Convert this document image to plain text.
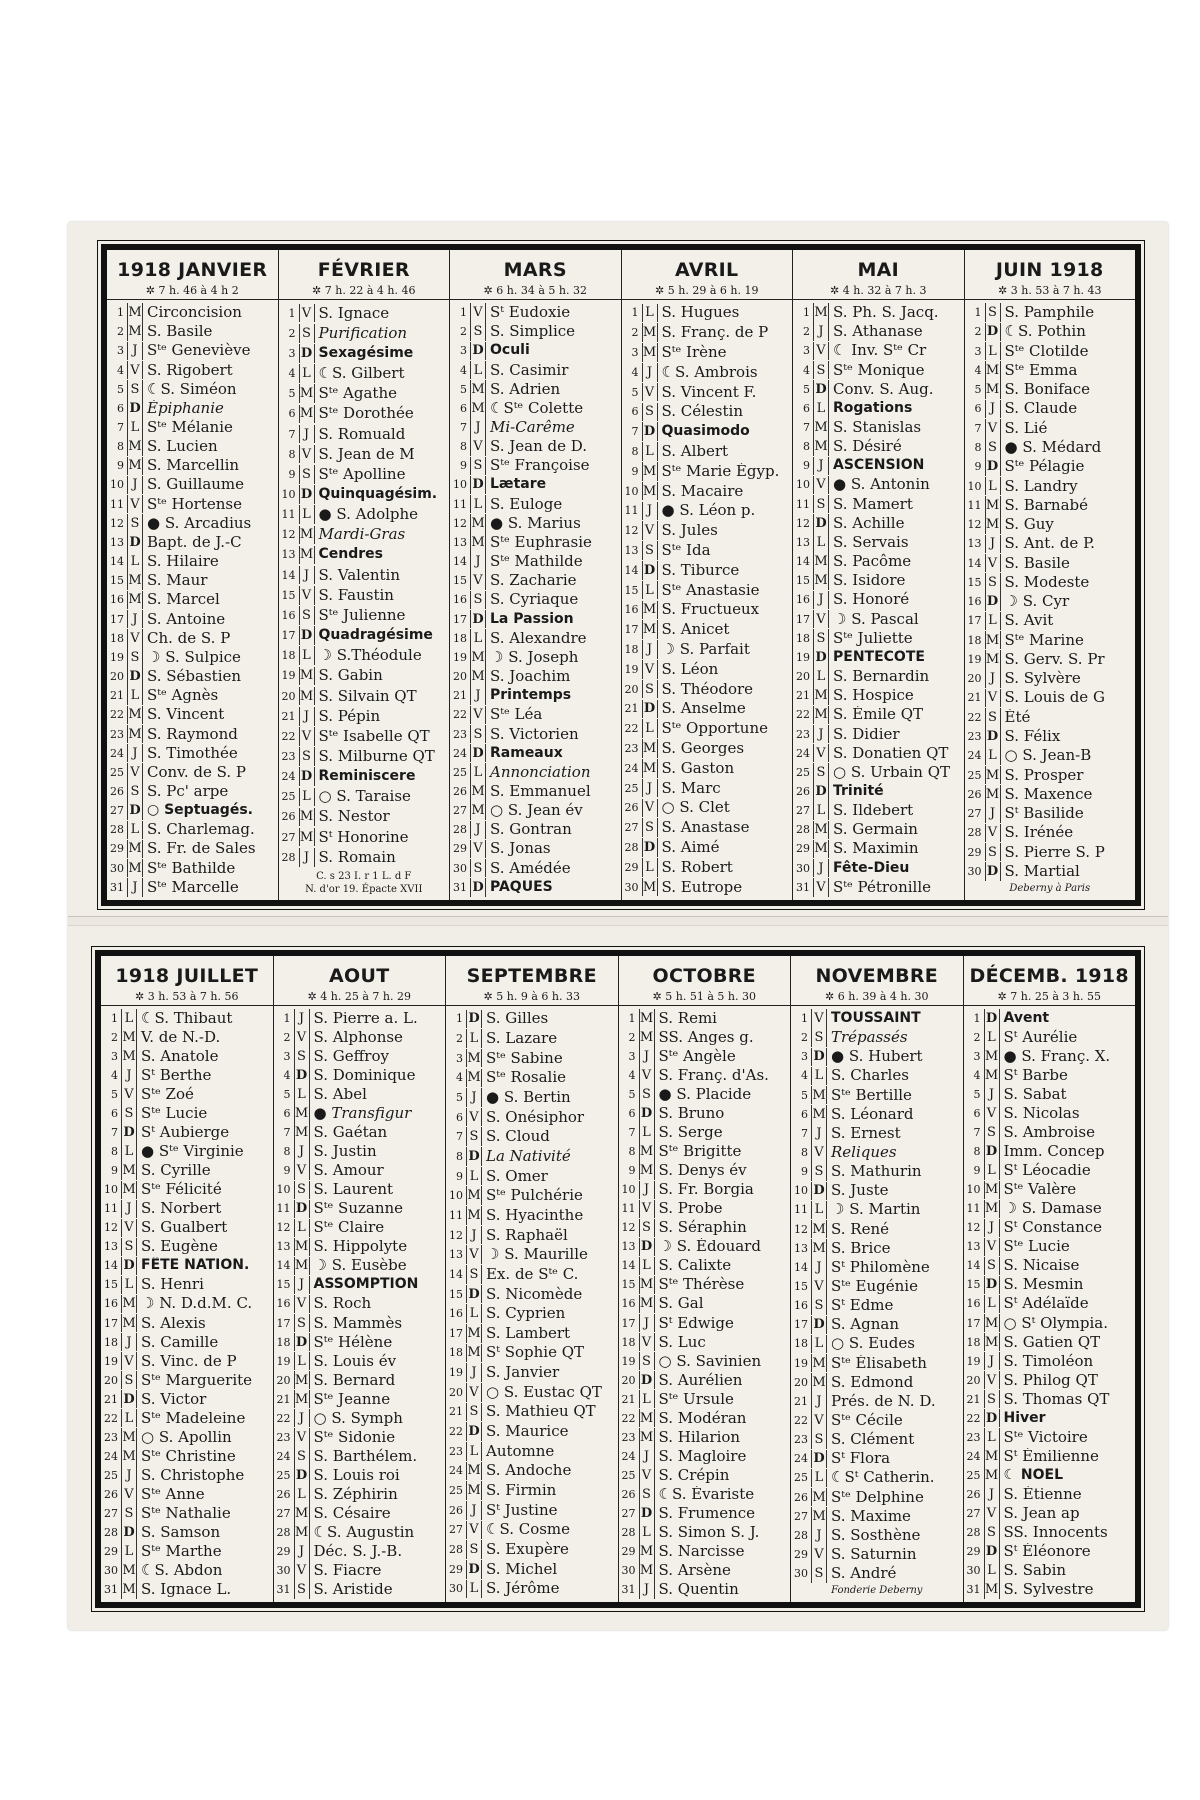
1918 JANVIER
✲ 7 h. 46 à 4 h 2
1 M Circoncision
2 M S. Basile
3 J Sᵗᵉ Geneviève
4 V S. Rigobert
5 S ☾S. Siméon
6 D Épiphanie
7 L Sᵗᵉ Mélanie
8 M S. Lucien
9 M S. Marcellin
10 J S. Guillaume
11 V Sᵗᵉ Hortense
12 S ● S. Arcadius
13 D Bapt. de J.-C
14 L S. Hilaire
15 M S. Maur
16 M S. Marcel
17 J S. Antoine
18 V Ch. de S. P
19 S ☽ S. Sulpice
20 D S. Sébastien
21 L Sᵗᵉ Agnès
22 M S. Vincent
23 M S. Raymond
24 J S. Timothée
25 V Conv. de S. P
26 S S. Pc' arpe
27 D ○ Septuagés.
28 L S. Charlemag.
29 M S. Fr. de Sales
30 M Sᵗᵉ Bathilde
31 J Sᵗᵉ Marcelle
FÉVRIER
✲ 7 h. 22 à 4 h. 46
1 V S. Ignace
2 S Purification
3 D Sexagésime
4 L ☾S. Gilbert
5 M Sᵗᵉ Agathe
6 M Sᵗᵉ Dorothée
7 J S. Romuald
8 V S. Jean de M
9 S Sᵗᵉ Apolline
10 D Quinquagésim.
11 L ● S. Adolphe
12 M Mardi-Gras
13 M Cendres
14 J S. Valentin
15 V S. Faustin
16 S Sᵗᵉ Julienne
17 D Quadragésime
18 L ☽ S.Théodule
19 M S. Gabin
20 M S. Silvain QT
21 J S. Pépin
22 V Sᵗᵉ Isabelle QT
23 S S. Milburne QT
24 D Reminiscere
25 L ○ S. Taraise
26 M S. Nestor
27 M Sᵗ Honorine
28 J S. Romain
C. s 23 I. r 1 L. d F
N. d'or 19. Épacte XVII
MARS
✲ 6 h. 34 à 5 h. 32
1 V Sᵗ Eudoxie
2 S S. Simplice
3 D Oculi
4 L S. Casimir
5 M S. Adrien
6 M ☾Sᵗᵉ Colette
7 J Mi-Carême
8 V S. Jean de D.
9 S Sᵗᵉ Françoise
10 D Lætare
11 L S. Euloge
12 M ● S. Marius
13 M Sᵗᵉ Euphrasie
14 J Sᵗᵉ Mathilde
15 V S. Zacharie
16 S S. Cyriaque
17 D La Passion
18 L S. Alexandre
19 M ☽ S. Joseph
20 M S. Joachim
21 J Printemps
22 V Sᵗᵉ Léa
23 S S. Victorien
24 D Rameaux
25 L Annonciation
26 M S. Emmanuel
27 M ○ S. Jean év
28 J S. Gontran
29 V S. Jonas
30 S S. Amédée
31 D PAQUES
AVRIL
✲ 5 h. 29 à 6 h. 19
1 L S. Hugues
2 M S. Franç. de P
3 M Sᵗᵉ Irène
4 J ☾S. Ambrois
5 V S. Vincent F.
6 S S. Célestin
7 D Quasimodo
8 L S. Albert
9 M Sᵗᵉ Marie Égyp.
10 M S. Macaire
11 J ● S. Léon p.
12 V S. Jules
13 S Sᵗᵉ Ida
14 D S. Tiburce
15 L Sᵗᵉ Anastasie
16 M S. Fructueux
17 M S. Anicet
18 J ☽ S. Parfait
19 V S. Léon
20 S S. Théodore
21 D S. Anselme
22 L Sᵗᵉ Opportune
23 M S. Georges
24 M S. Gaston
25 J S. Marc
26 V ○ S. Clet
27 S S. Anastase
28 D S. Aimé
29 L S. Robert
30 M S. Eutrope
MAI
✲ 4 h. 32 à 7 h. 3
1 M S. Ph. S. Jacq.
2 J S. Athanase
3 V ☾ Inv. Sᵗᵉ Cr
4 S Sᵗᵉ Monique
5 D Conv. S. Aug.
6 L Rogations
7 M S. Stanislas
8 M S. Désiré
9 J ASCENSION
10 V ● S. Antonin
11 S S. Mamert
12 D S. Achille
13 L S. Servais
14 M S. Pacôme
15 M S. Isidore
16 J S. Honoré
17 V ☽ S. Pascal
18 S Sᵗᵉ Juliette
19 D PENTECOTE
20 L S. Bernardin
21 M S. Hospice
22 M S. Émile QT
23 J S. Didier
24 V S. Donatien QT
25 S ○ S. Urbain QT
26 D Trinité
27 L S. Ildebert
28 M S. Germain
29 M S. Maximin
30 J Fête-Dieu
31 V Sᵗᵉ Pétronille
JUIN 1918
✲ 3 h. 53 à 7 h. 43
1 S S. Pamphile
2 D ☾S. Pothin
3 L Sᵗᵉ Clotilde
4 M Sᵗᵉ Emma
5 M S. Boniface
6 J S. Claude
7 V S. Lié
8 S ● S. Médard
9 D Sᵗᵉ Pélagie
10 L S. Landry
11 M S. Barnabé
12 M S. Guy
13 J S. Ant. de P.
14 V S. Basile
15 S S. Modeste
16 D ☽ S. Cyr
17 L S. Avit
18 M Sᵗᵉ Marine
19 M S. Gerv. S. Pr
20 J S. Sylvère
21 V S. Louis de G
22 S Été
23 D S. Félix
24 L ○ S. Jean-B
25 M S. Prosper
26 M S. Maxence
27 J Sᵗ Basilide
28 V S. Irénée
29 S S. Pierre S. P
30 D S. Martial
Deberny à Paris
1918 JUILLET
✲ 3 h. 53 à 7 h. 56
1 L ☾S. Thibaut
2 M V. de N.-D.
3 M S. Anatole
4 J Sᵗ Berthe
5 V Sᵗᵉ Zoé
6 S Sᵗᵉ Lucie
7 D Sᵗ Aubierge
8 L ● Sᵗᵉ Virginie
9 M S. Cyrille
10 M Sᵗᵉ Félicité
11 J S. Norbert
12 V S. Gualbert
13 S S. Eugène
14 D FÊTE NATION.
15 L S. Henri
16 M ☽ N. D.d.M. C.
17 M S. Alexis
18 J S. Camille
19 V S. Vinc. de P
20 S Sᵗᵉ Marguerite
21 D S. Victor
22 L Sᵗᵉ Madeleine
23 M ○ S. Apollin
24 M Sᵗᵉ Christine
25 J S. Christophe
26 V Sᵗᵉ Anne
27 S Sᵗᵉ Nathalie
28 D S. Samson
29 L Sᵗᵉ Marthe
30 M ☾S. Abdon
31 M S. Ignace L.
AOUT
✲ 4 h. 25 à 7 h. 29
1 J S. Pierre a. L.
2 V S. Alphonse
3 S S. Geffroy
4 D S. Dominique
5 L S. Abel
6 M ● Transfigur
7 M S. Gaétan
8 J S. Justin
9 V S. Amour
10 S S. Laurent
11 D Sᵗᵉ Suzanne
12 L Sᵗᵉ Claire
13 M S. Hippolyte
14 M ☽ S. Eusèbe
15 J ASSOMPTION
16 V S. Roch
17 S S. Mammès
18 D Sᵗᵉ Hélène
19 L S. Louis év
20 M S. Bernard
21 M Sᵗᵉ Jeanne
22 J ○ S. Symph
23 V Sᵗᵉ Sidonie
24 S S. Barthélem.
25 D S. Louis roi
26 L S. Zéphirin
27 M S. Césaire
28 M ☾S. Augustin
29 J Déc. S. J.-B.
30 V S. Fiacre
31 S S. Aristide
SEPTEMBRE
✲ 5 h. 9 à 6 h. 33
1 D S. Gilles
2 L S. Lazare
3 M Sᵗᵉ Sabine
4 M Sᵗᵉ Rosalie
5 J ● S. Bertin
6 V S. Onésiphor
7 S S. Cloud
8 D La Nativité
9 L S. Omer
10 M Sᵗᵉ Pulchérie
11 M S. Hyacinthe
12 J S. Raphaël
13 V ☽ S. Maurille
14 S Ex. de Sᵗᵉ C.
15 D S. Nicomède
16 L S. Cyprien
17 M S. Lambert
18 M Sᵗ Sophie QT
19 J S. Janvier
20 V ○ S. Eustac QT
21 S S. Mathieu QT
22 D S. Maurice
23 L Automne
24 M S. Andoche
25 M S. Firmin
26 J Sᵗ Justine
27 V ☾S. Cosme
28 S S. Exupère
29 D S. Michel
30 L S. Jérôme
OCTOBRE
✲ 5 h. 51 à 5 h. 30
1 M S. Remi
2 M SS. Anges g.
3 J Sᵗᵉ Angèle
4 V S. Franç. d'As.
5 S ● S. Placide
6 D S. Bruno
7 L S. Serge
8 M Sᵗᵉ Brigitte
9 M S. Denys év
10 J S. Fr. Borgia
11 V S. Probe
12 S S. Séraphin
13 D ☽ S. Édouard
14 L S. Calixte
15 M Sᵗᵉ Thérèse
16 M S. Gal
17 J Sᵗ Edwige
18 V S. Luc
19 S ○ S. Savinien
20 D S. Aurélien
21 L Sᵗᵉ Ursule
22 M S. Modéran
23 M S. Hilarion
24 J S. Magloire
25 V S. Crépin
26 S ☾S. Évariste
27 D S. Frumence
28 L S. Simon S. J.
29 M S. Narcisse
30 M S. Arsène
31 J S. Quentin
NOVEMBRE
✲ 6 h. 39 à 4 h. 30
1 V TOUSSAINT
2 S Trépassés
3 D ● S. Hubert
4 L S. Charles
5 M Sᵗᵉ Bertille
6 M S. Léonard
7 J S. Ernest
8 V Reliques
9 S S. Mathurin
10 D S. Juste
11 L ☽ S. Martin
12 M S. René
13 M S. Brice
14 J Sᵗ Philomène
15 V Sᵗᵉ Eugénie
16 S Sᵗ Edme
17 D S. Agnan
18 L ○ S. Eudes
19 M Sᵗᵉ Élisabeth
20 M S. Edmond
21 J Prés. de N. D.
22 V Sᵗᵉ Cécile
23 S S. Clément
24 D Sᵗ Flora
25 L ☾Sᵗ Catherin.
26 M Sᵗᵉ Delphine
27 M S. Maxime
28 J S. Sosthène
29 V S. Saturnin
30 S S. André
Fonderie Deberny
DÉCEMB. 1918
✲ 7 h. 25 à 3 h. 55
1 D Avent
2 L Sᵗ Aurélie
3 M ● S. Franç. X.
4 M Sᵗ Barbe
5 J S. Sabat
6 V S. Nicolas
7 S S. Ambroise
8 D Imm. Concep
9 L Sᵗ Léocadie
10 M Sᵗᵉ Valère
11 M ☽ S. Damase
12 J Sᵗ Constance
13 V Sᵗᵉ Lucie
14 S S. Nicaise
15 D S. Mesmin
16 L Sᵗ Adélaïde
17 M ○ Sᵗ Olympia.
18 M S. Gatien QT
19 J S. Timoléon
20 V S. Philog QT
21 S S. Thomas QT
22 D Hiver
23 L Sᵗᵉ Victoire
24 M Sᵗ Émilienne
25 M ☾ NOEL
26 J S. Étienne
27 V S. Jean ap
28 S SS. Innocents
29 D Sᵗ Éléonore
30 L S. Sabin
31 M S. Sylvestre
